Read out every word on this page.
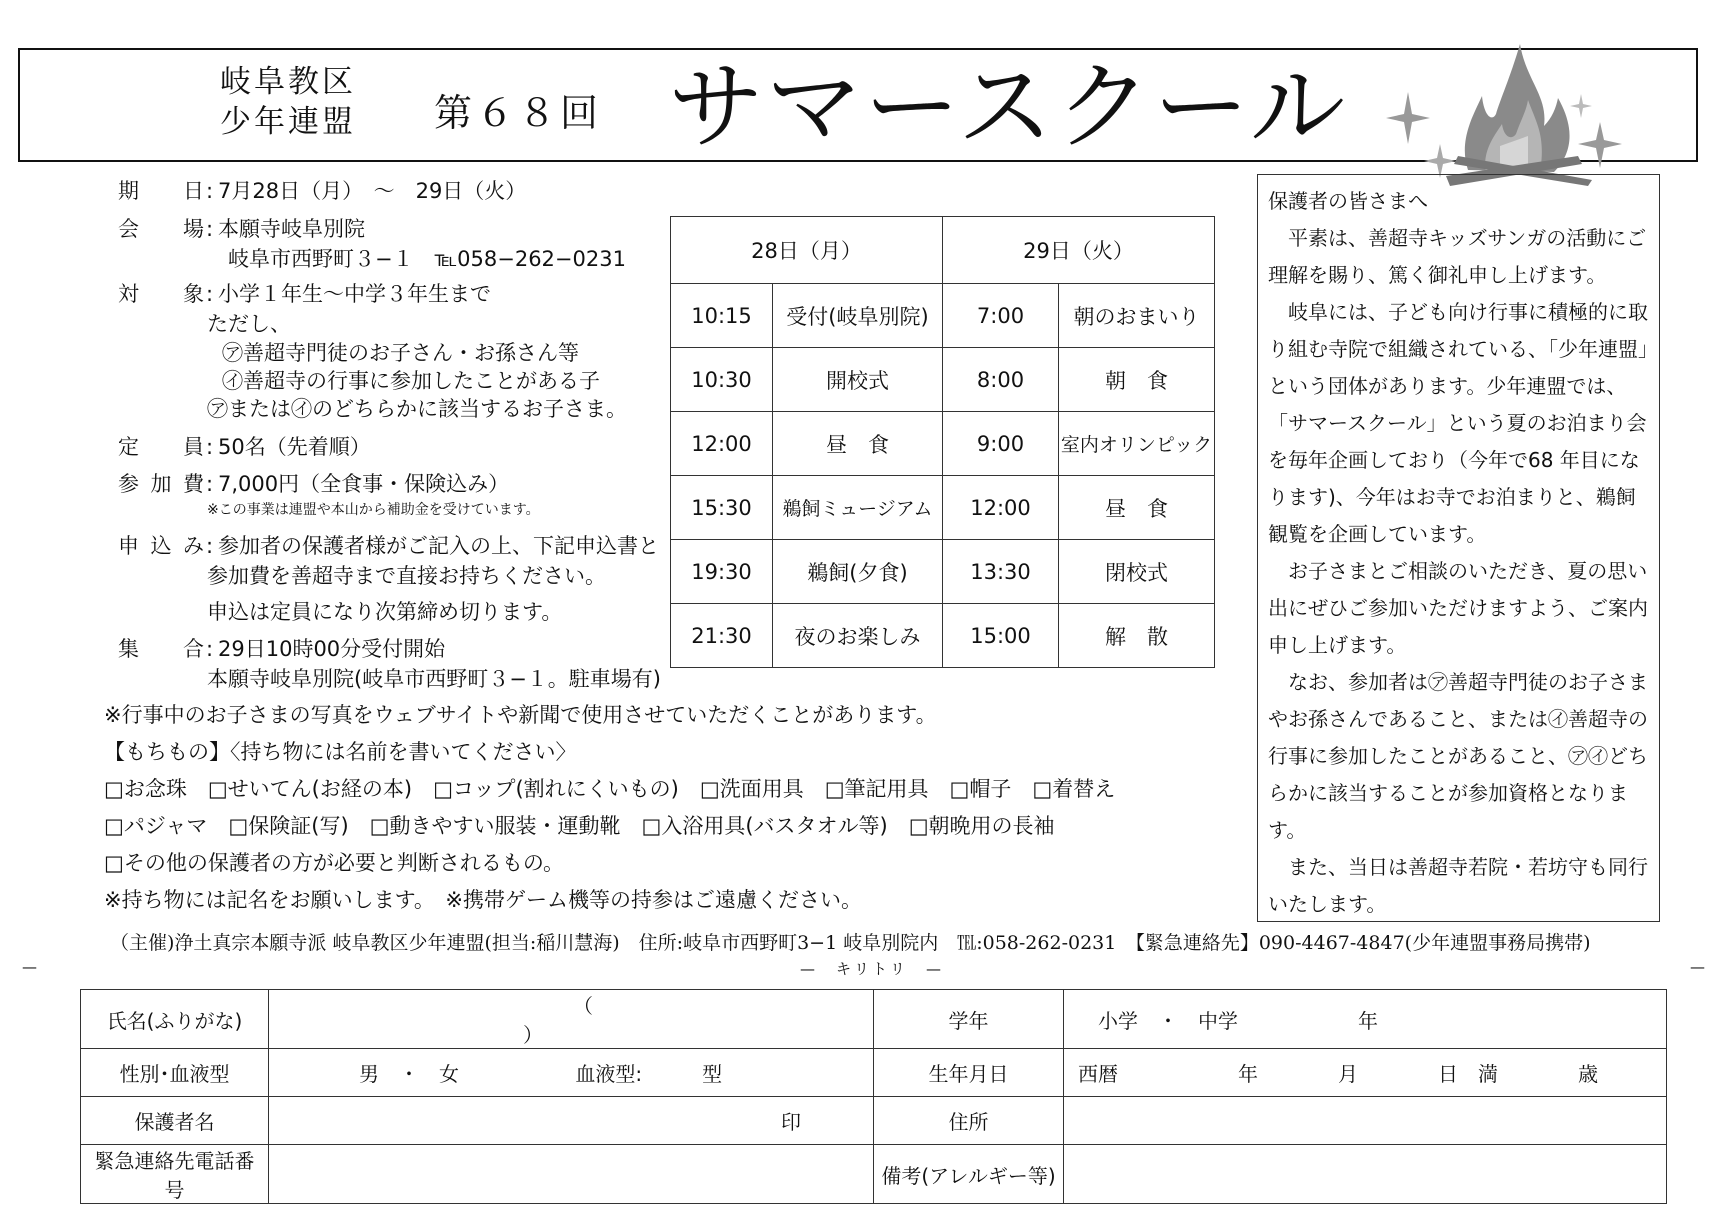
岐阜教区
少年連盟 第６８回 サマースクール
期日 : 7月28日（月）　～　29日（火）
会場 : 本願寺岐阜別院
岐阜市西野町３−１　℡058−262−0231
対象 : 小学１年生～中学３年生まで
ただし、
㋐善超寺門徒のお子さん・お孫さん等
㋑善超寺の行事に参加したことがある子
㋐または㋑のどちらかに該当するお子さま。
定員 : 50名（先着順）
参加費 : 7,000円（全食事・保険込み）
※この事業は連盟や本山から補助金を受けています。
申込み : 参加者の保護者様がご記入の上、下記申込書と
参加費を善超寺まで直接お持ちください。
申込は定員になり次第締め切ります。
集合 : 29日10時00分受付開始
本願寺岐阜別院(岐阜市西野町３−１。駐車場有)
※行事中のお子さまの写真をウェブサイトや新聞で使用させていただくことがあります。
【もちもの】〈持ち物には名前を書いてください〉
□お念珠　□せいてん(お経の本)　□コップ(割れにくいもの)　□洗面用具　□筆記用具　□帽子　□着替え
□パジャマ　□保険証(写)　□動きやすい服装・運動靴　□入浴用具(バスタオル等)　□朝晩用の長袖
□その他の保護者の方が必要と判断されるもの。
※持ち物には記名をお願いします。　※携帯ゲーム機等の持参はご遠慮ください。
28日（月）		29日（火）	
10:15	受付(岐阜別院)	7:00	朝のおまいり
10:30	開校式	8:00	朝　食
12:00	昼　食	9:00	室内オリンピック
15:30	鵜飼ミュージアム	12:00	昼　食
19:30	鵜飼(夕食)	13:30	閉校式
21:30	夜のお楽しみ	15:00	解　散

保護者の皆さまへ

平素は、善超寺キッズサンガの活動にご理解を賜り、篤く御礼申し上げます。

岐阜には、子ども向け行事に積極的に取り組む寺院で組織されている、「少年連盟」という団体があります。少年連盟では、「サマースクール」という夏のお泊まり会を毎年企画しており（今年で68 年目になります)、今年はお寺でお泊まりと、鵜飼観覧を企画しています。

お子さまとご相談のいただき、夏の思い出にぜひご参加いただけますよう、ご案内申し上げます。

なお、参加者は㋐善超寺門徒のお子さまやお孫さんであること、または㋑善超寺の行事に参加したことがあること、㋐㋑どちらかに該当することが参加資格となります。

また、当日は善超寺若院・若坊守も同行いたします。

（主催)浄土真宗本願寺派 岐阜教区少年連盟(担当:稲川慧海)　住所:岐阜市西野町3−1 岐阜別院内　℡:058-262-0231　【緊急連絡先】090-4467-4847(少年連盟事務局携帯)
—	—　キリトリ　—	—
氏名(ふりがな)	（ ）	学年	小学　・　中学　　　　　　年
性別･血液型	男　・　女 血液型:　　　型	生年月日	西暦　　　　　　年　　　　月　　　　日　満　　　　歳
保護者名	印	住所	
緊急連絡先電話番号		備考(アレルギー等)	
